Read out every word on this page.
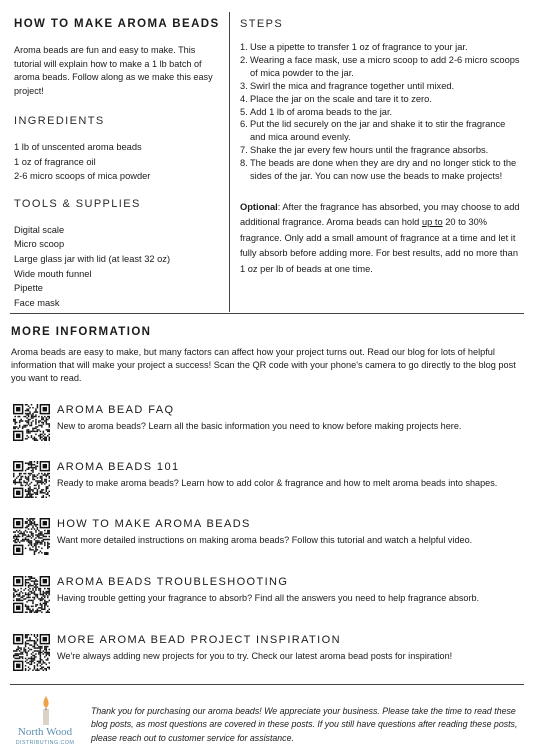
HOW TO MAKE AROMA BEADS

Aroma beads are fun and easy to make. This tutorial will explain how to make a 1 lb batch of aroma beads. Follow along as we make this easy project!

INGREDIENTS
1 lb of unscented aroma beads
1 oz of fragrance oil
2-6 micro scoops of mica powder
TOOLS & SUPPLIES
Digital scale
Micro scoop
Large glass jar with lid (at least 32 oz)
Wide mouth funnel
Pipette
Face mask
STEPS
1. Use a pipette to transfer 1 oz of fragrance to your jar.
2. Wearing a face mask, use a micro scoop to add 2-6 micro scoops of mica powder to the jar.
3. Swirl the mica and fragrance together until mixed.
4. Place the jar on the scale and tare it to zero.
5. Add 1 lb of aroma beads to the jar.
6. Put the lid securely on the jar and shake it to stir the fragrance and mica around evenly.
7. Shake the jar every few hours until the fragrance absorbs.
8. The beads are done when they are dry and no longer stick to the sides of the jar. You can now use the beads to make projects!

Optional: After the fragrance has absorbed, you may choose to add additional fragrance. Aroma beads can hold up to 20 to 30% fragrance. Only add a small amount of fragrance at a time and let it fully absorb before adding more. For best results, add no more than 1 oz per lb of beads at one time.

MORE INFORMATION

Aroma beads are easy to make, but many factors can affect how your project turns out. Read our blog for lots of helpful information that will make your project a success! Scan the QR code with your phone's camera to go directly to the blog post you want to read.

AROMA BEAD FAQ
New to aroma beads? Learn all the basic information you need to know before making projects here.
AROMA BEADS 101
Ready to make aroma beads? Learn how to add color & fragrance and how to melt aroma beads into shapes.
HOW TO MAKE AROMA BEADS
Want more detailed instructions on making aroma beads? Follow this tutorial and watch a helpful video.
AROMA BEADS TROUBLESHOOTING
Having trouble getting your fragrance to absorb? Find all the answers you need to help fragrance absorb.
MORE AROMA BEAD PROJECT INSPIRATION
We're always adding new projects for you to try. Check our latest aroma bead posts for inspiration!
North Wood
DISTRIBUTING.COM

Thank you for purchasing our aroma beads! We appreciate your business. Please take the time to read these blog posts, as most questions are covered in these posts. If you still have questions after reading these posts, please reach out to customer service for assistance.
